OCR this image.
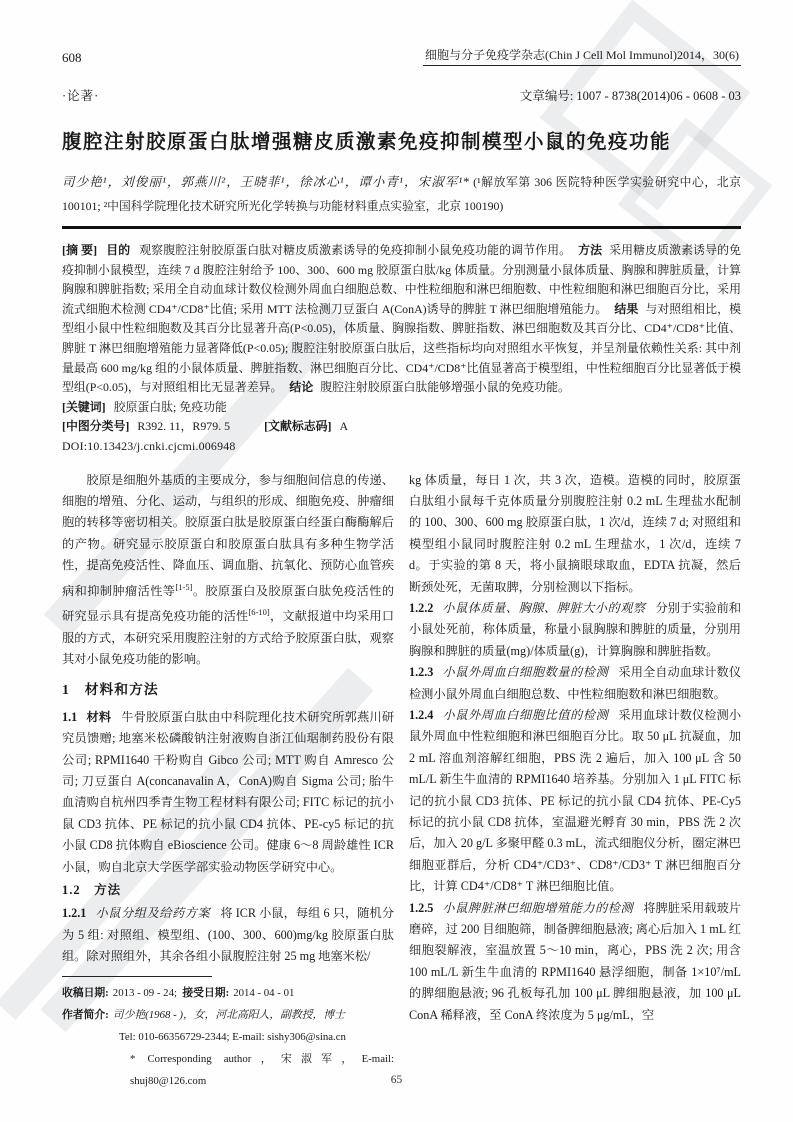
608	细胞与分子免疫学杂志(Chin J Cell Mol Immunol)2014，30(6)
·论著·	文章编号: 1007 - 8738(2014)06 - 0608 - 03
腹腔注射胶原蛋白肽增强糖皮质激素免疫抑制模型小鼠的免疫功能
司少艳¹，刘俊丽¹，郭燕川²，王晓菲¹，徐冰心¹，谭小青¹，宋淑军¹* (¹解放军第 306 医院特种医学实验研究中心，北京 100101; ²中国科学院理化技术研究所光化学转换与功能材料重点实验室，北京 100190)

[摘 要] 目的 观察腹腔注射胶原蛋白肽对糖皮质激素诱导的免疫抑制小鼠免疫功能的调节作用。 方法 采用糖皮质激素诱导的免疫抑制小鼠模型，连续 7 d 腹腔注射给予 100、300、600 mg 胶原蛋白肽/kg 体质量。分别测量小鼠体质量、胸腺和脾脏质量，计算胸腺和脾脏指数; 采用全自动血球计数仪检测外周血白细胞总数、中性粒细胞和淋巴细胞数、中性粒细胞和淋巴细胞百分比，采用流式细胞术检测 CD4⁺/CD8⁺比值; 采用 MTT 法检测刀豆蛋白 A(ConA)诱导的脾脏 T 淋巴细胞增殖能力。 结果 与对照组相比，模型组小鼠中性粒细胞数及其百分比显著升高(P<0.05)，体质量、胸腺指数、脾脏指数、淋巴细胞数及其百分比、CD4⁺/CD8⁺比值、脾脏 T 淋巴细胞增殖能力显著降低(P<0.05); 腹腔注射胶原蛋白肽后，这些指标均向对照组水平恢复，并呈剂量依赖性关系: 其中剂量最高 600 mg/kg 组的小鼠体质量、脾脏指数、淋巴细胞百分比、CD4⁺/CD8⁺比值显著高于模型组，中性粒细胞百分比显著低于模型组(P<0.05)，与对照组相比无显著差异。 结论 腹腔注射胶原蛋白肽能够增强小鼠的免疫功能。

[关键词] 胶原蛋白肽; 免疫功能
[中图分类号] R392. 11，R979. 5	[文献标志码] A
DOI:10.13423/j.cnki.cjcmi.006948

胶原是细胞外基质的主要成分，参与细胞间信息的传递、细胞的增殖、分化、运动，与组织的形成、细胞免疫、肿瘤细胞的转移等密切相关。胶原蛋白肽是胶原蛋白经蛋白酶酶解后的产物。研究显示胶原蛋白和胶原蛋白肽具有多种生物学活性，提高免疫活性、降血压、调血脂、抗氧化、预防心血管疾病和抑制肿瘤活性等[1-5]。胶原蛋白及胶原蛋白肽免疫活性的研究显示具有提高免疫功能的活性[6-10]，文献报道中均采用口服的方式，本研究采用腹腔注射的方式给予胶原蛋白肽，观察其对小鼠免疫功能的影响。

1　材料和方法

1.1 材料 牛骨胶原蛋白肽由中科院理化技术研究所郭燕川研究员馈赠; 地塞米松磷酸钠注射液购自浙江仙琚制药股份有限公司; RPMI1640 干粉购自 Gibco 公司; MTT 购自 Amresco 公司; 刀豆蛋白 A(concanavalin A，ConA)购自 Sigma 公司; 胎牛血清购自杭州四季青生物工程材料有限公司; FITC 标记的抗小鼠 CD3 抗体、PE 标记的抗小鼠 CD4 抗体、PE-cy5 标记的抗小鼠 CD8 抗体购自 eBioscience 公司。健康 6～8 周龄雄性 ICR 小鼠，购自北京大学医学部实验动物医学研究中心。

1.2　方法

1.2.1 小鼠分组及给药方案 将 ICR 小鼠，每组 6 只，随机分为 5 组: 对照组、模型组、(100、300、600)mg/kg 胶原蛋白肽组。除对照组外，其余各组小鼠腹腔注射 25 mg 地塞米松/

收稿日期: 2013 - 09 - 24; 接受日期: 2014 - 04 - 01
作者简介: 司少艳(1968 - )，女，河北高阳人，副教授，博士
Tel: 010-66356729-2344; E-mail: sishy306@sina.cn
* Corresponding author，宋淑军，E-mail: shuj80@126.com

kg 体质量，每日 1 次，共 3 次，造模。造模的同时，胶原蛋白肽组小鼠每千克体质量分别腹腔注射 0.2 mL 生理盐水配制的 100、300、600 mg 胶原蛋白肽，1 次/d，连续 7 d; 对照组和模型组小鼠同时腹腔注射 0.2 mL 生理盐水，1 次/d，连续 7 d。于实验的第 8 天，将小鼠摘眼球取血，EDTA 抗凝，然后断颈处死，无菌取脾，分别检测以下指标。

1.2.2 小鼠体质量、胸腺、脾脏大小的观察 分别于实验前和小鼠处死前，称体质量，称量小鼠胸腺和脾脏的质量，分别用胸腺和脾脏的质量(mg)/体质量(g)，计算胸腺和脾脏指数。

1.2.3 小鼠外周血白细胞数量的检测 采用全自动血球计数仪检测小鼠外周血白细胞总数、中性粒细胞数和淋巴细胞数。

1.2.4 小鼠外周血白细胞比值的检测 采用血球计数仪检测小鼠外周血中性粒细胞和淋巴细胞百分比。取 50 μL 抗凝血，加 2 mL 溶血剂溶解红细胞，PBS 洗 2 遍后，加入 100 μL 含 50 mL/L 新生牛血清的 RPMI1640 培养基。分别加入 1 μL FITC 标记的抗小鼠 CD3 抗体、PE 标记的抗小鼠 CD4 抗体、PE-Cy5 标记的抗小鼠 CD8 抗体，室温避光孵育 30 min，PBS 洗 2 次后，加入 20 g/L 多聚甲醛 0.3 mL，流式细胞仪分析，圈定淋巴细胞亚群后，分析 CD4⁺/CD3⁺、CD8⁺/CD3⁺ T 淋巴细胞百分比，计算 CD4⁺/CD8⁺ T 淋巴细胞比值。

1.2.5 小鼠脾脏淋巴细胞增殖能力的检测 将脾脏采用载玻片磨碎，过 200 目细胞筛，制备脾细胞悬液; 离心后加入 1 mL 红细胞裂解液，室温放置 5～10 min，离心，PBS 洗 2 次; 用含 100 mL/L 新生牛血清的 RPMI1640 悬浮细胞，制备 1×10⁷/mL 的脾细胞悬液; 96 孔板每孔加 100 μL 脾细胞悬液，加 100 μL ConA 稀释液，至 ConA 终浓度为 5 μg/mL，空

65
